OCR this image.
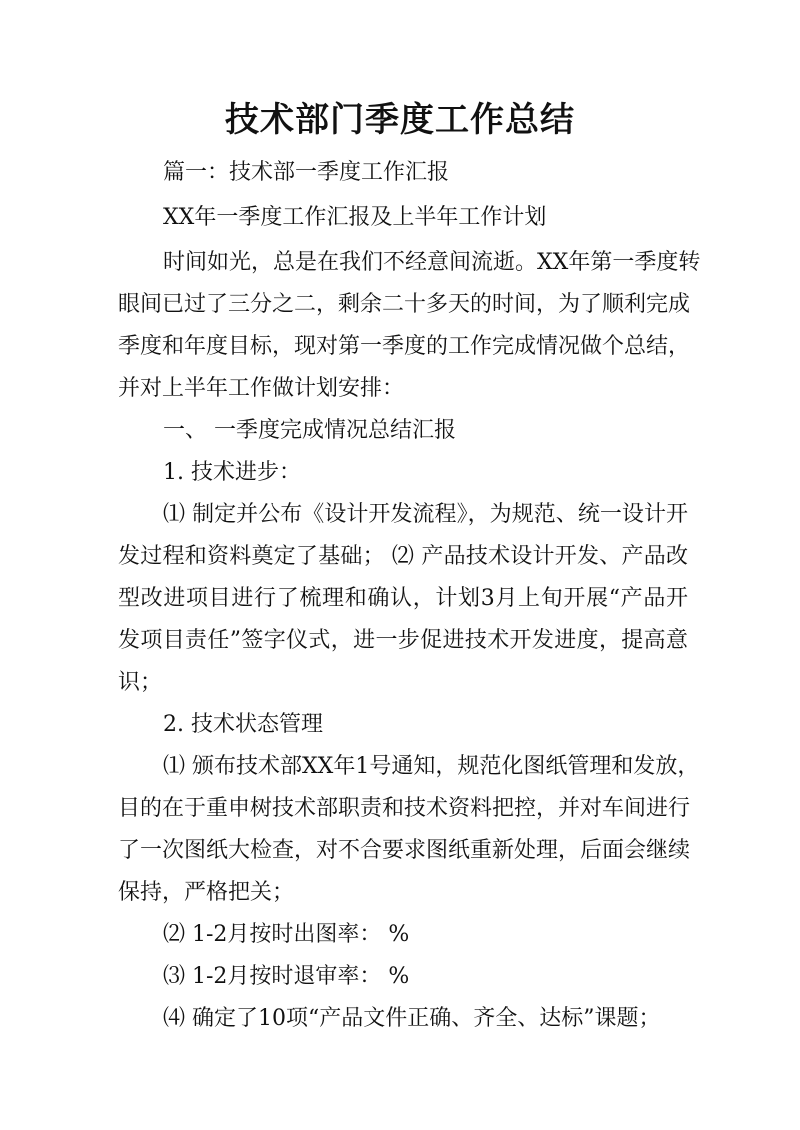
技术部门季度工作总结
篇一：技术部一季度工作汇报
XX年一季度工作汇报及上半年工作计划
时间如光，总是在我们不经意间流逝。XX年第一季度转
眼间已过了三分之二，剩余二十多天的时间，为了顺利完成
季度和年度目标，现对第一季度的工作完成情况做个总结，
并对上半年工作做计划安排：
一、 一季度完成情况总结汇报
1. 技术进步：
⑴ 制定并公布《设计开发流程》，为规范、统一设计开
发过程和资料奠定了基础； ⑵ 产品技术设计开发、产品改
型改进项目进行了梳理和确认，计划3月上旬开展“产品开
发项目责任”签字仪式，进一步促进技术开发进度，提高意
识；
2. 技术状态管理
⑴ 颁布技术部XX年1号通知，规范化图纸管理和发放，
目的在于重申树技术部职责和技术资料把控，并对车间进行
了一次图纸大检查，对不合要求图纸重新处理，后面会继续
保持，严格把关；
⑵ 1-2月按时出图率： %
⑶ 1-2月按时退审率： %
⑷ 确定了10项“产品文件正确、齐全、达标”课题；
